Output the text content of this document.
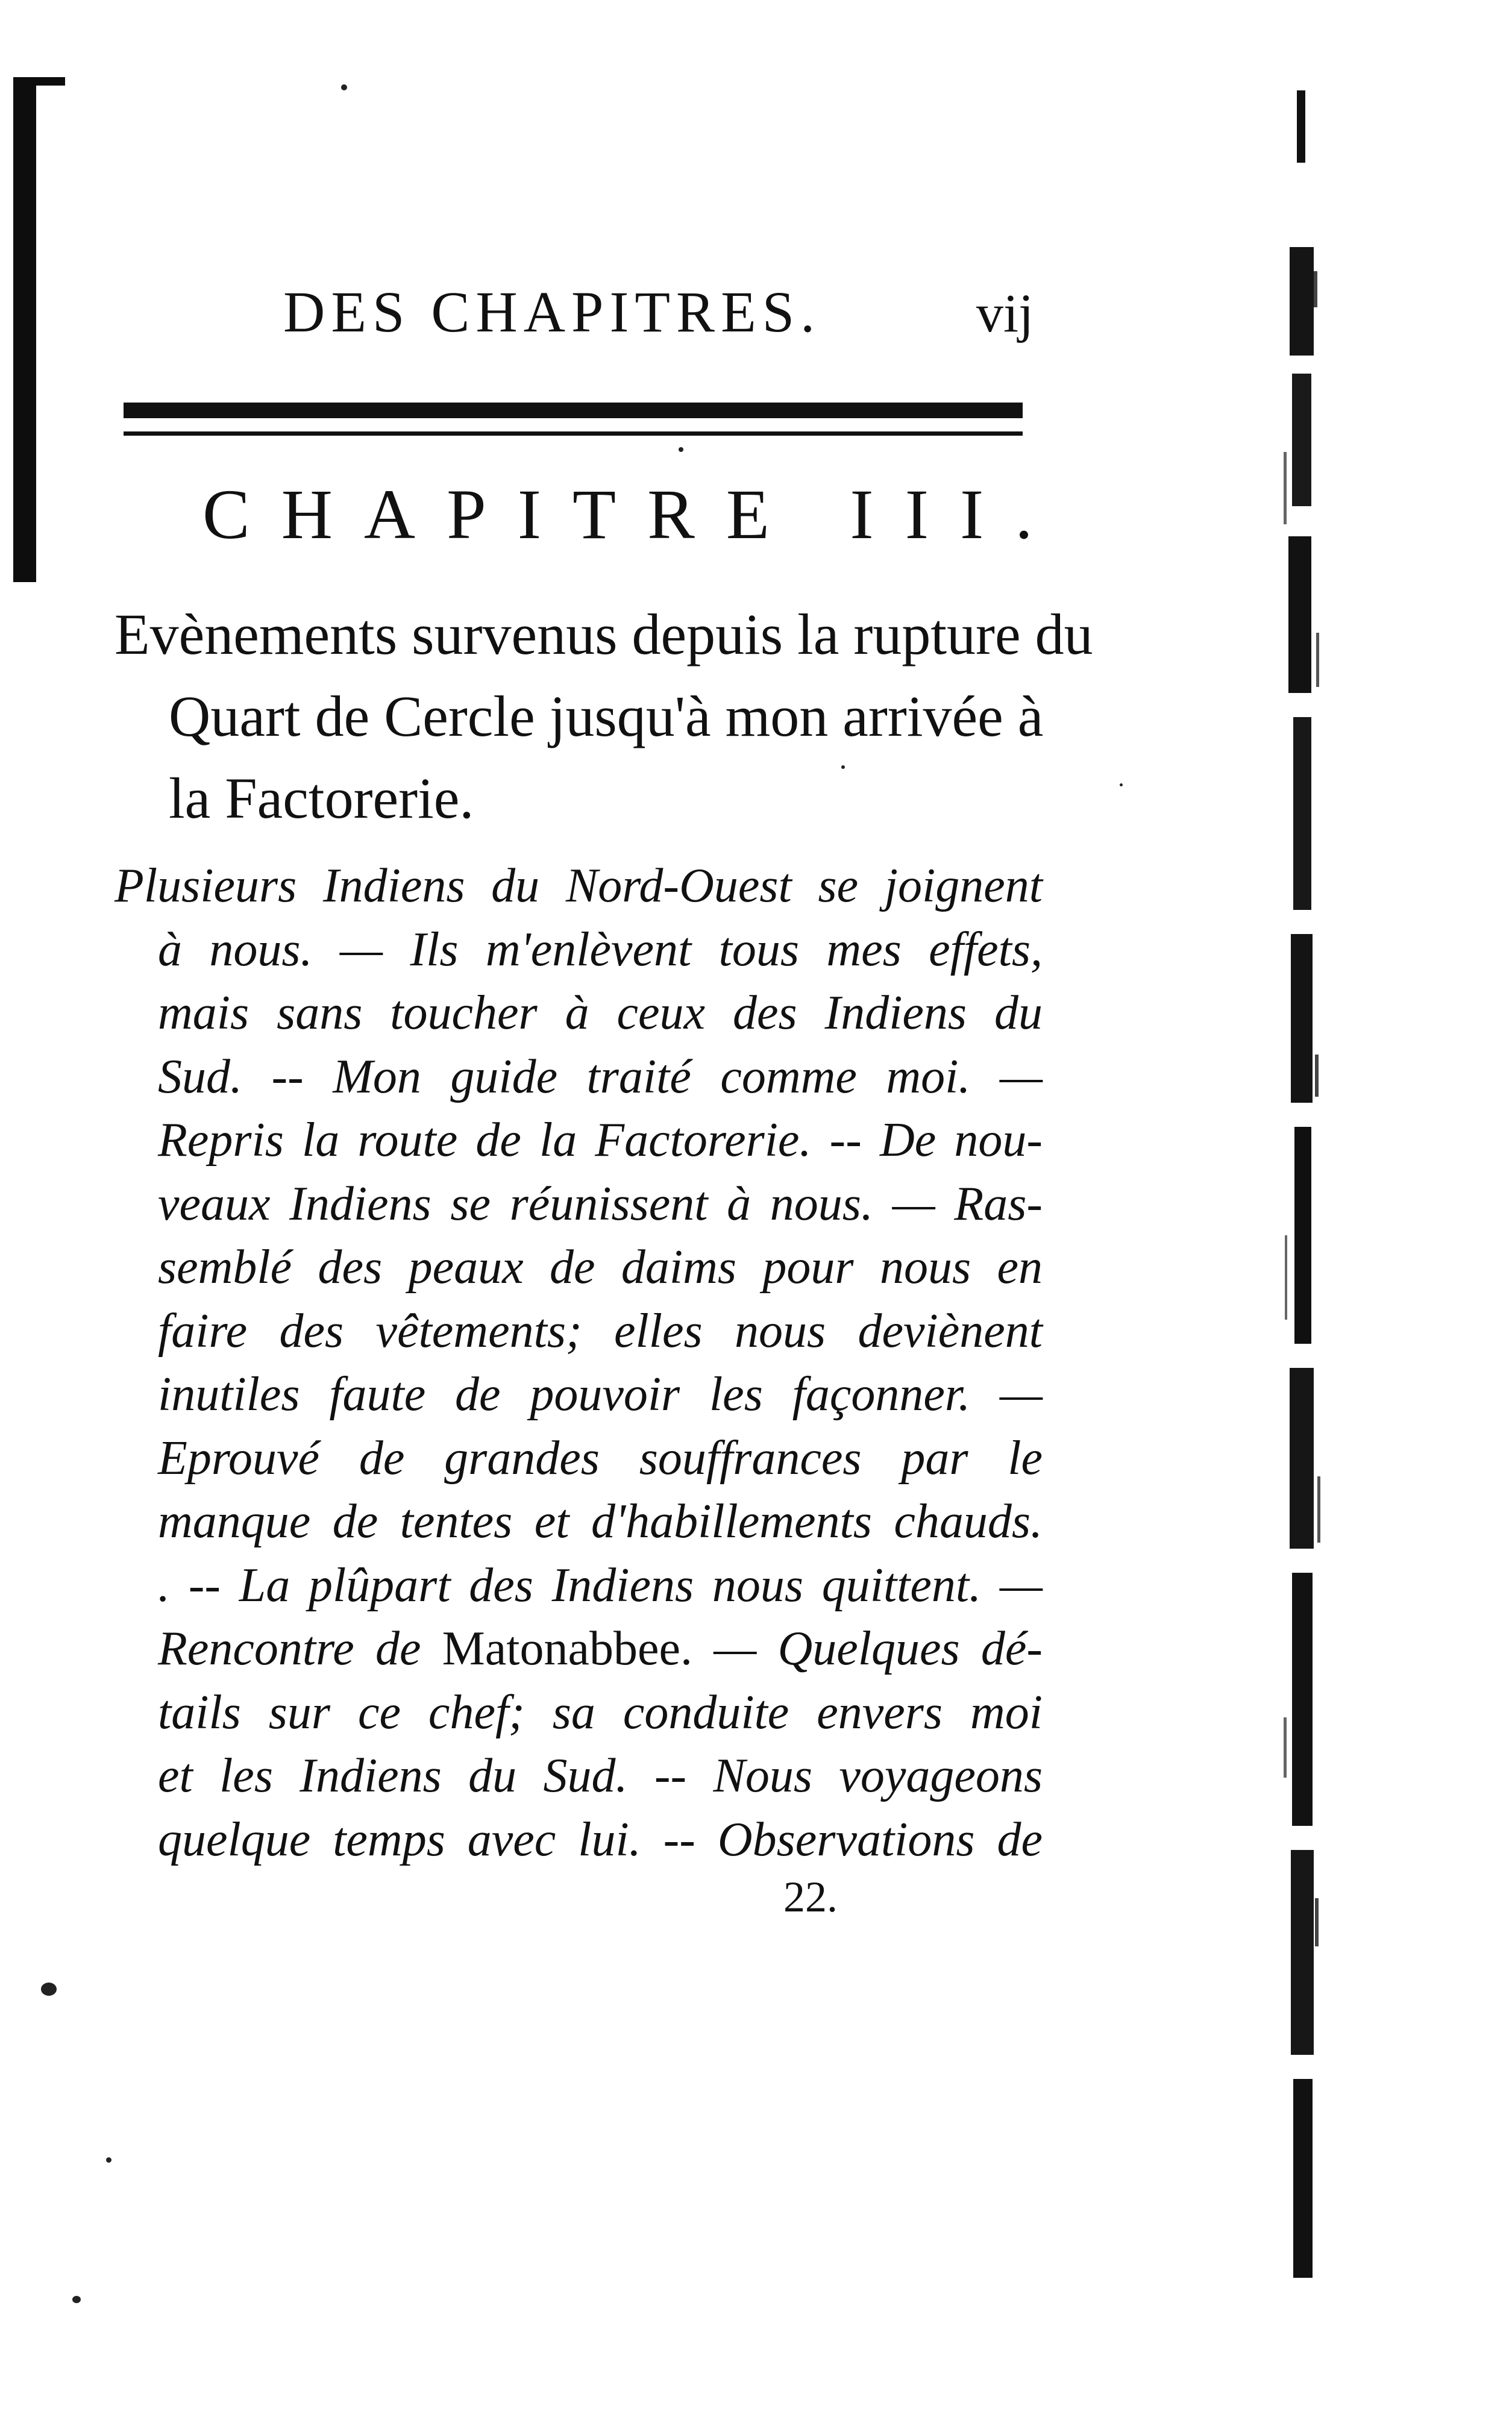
DES CHAPITRES.	vij
CHAPITRE III.
Evènements survenus depuis la rupture du
Quart de Cercle jusqu'à mon arrivée à
la Factorerie.
Plusieurs Indiens du Nord-Ouest se joignent
à nous. — Ils m'enlèvent tous mes effets,
mais sans toucher à ceux des Indiens du
Sud. -- Mon guide traité comme moi. —
Repris la route de la Factorerie. -- De nou-
veaux Indiens se réunissent à nous. — Ras-
semblé des peaux de daims pour nous en
faire des vêtements; elles nous deviènent
inutiles faute de pouvoir les façonner. —
Eprouvé de grandes souffrances par le
manque de tentes et d'habillements chauds.
. -- La plûpart des Indiens nous quittent. —
Rencontre de Matonabbee. — Quelques dé-
tails sur ce chef; sa conduite envers moi
et les Indiens du Sud. -- Nous voyageons
quelque temps avec lui. -- Observations de
22.
